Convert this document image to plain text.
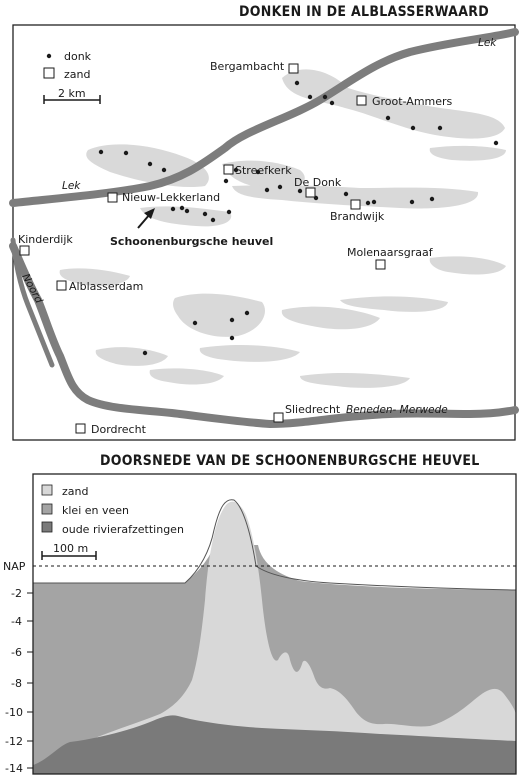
DONKEN IN DE ALBLASSERWAARD
2 km
donk
zand
Bergambacht
Groot-Ammers
Streefkerk
De Donk
Nieuw-Lekkerland
Brandwijk
Kinderdijk
Molenaarsgraaf
Alblasserdam
Sliedrecht
Dordrecht
Lek
Lek
Beneden- Merwede
Noord
Schoonenburgsche heuvel
DOORSNEDE VAN DE SCHOONENBURGSCHE HEUVEL
NAP
zand
klei en veen
oude rivierafzettingen
100 m
-2
-4
-6
-8
-10
-12
-14
